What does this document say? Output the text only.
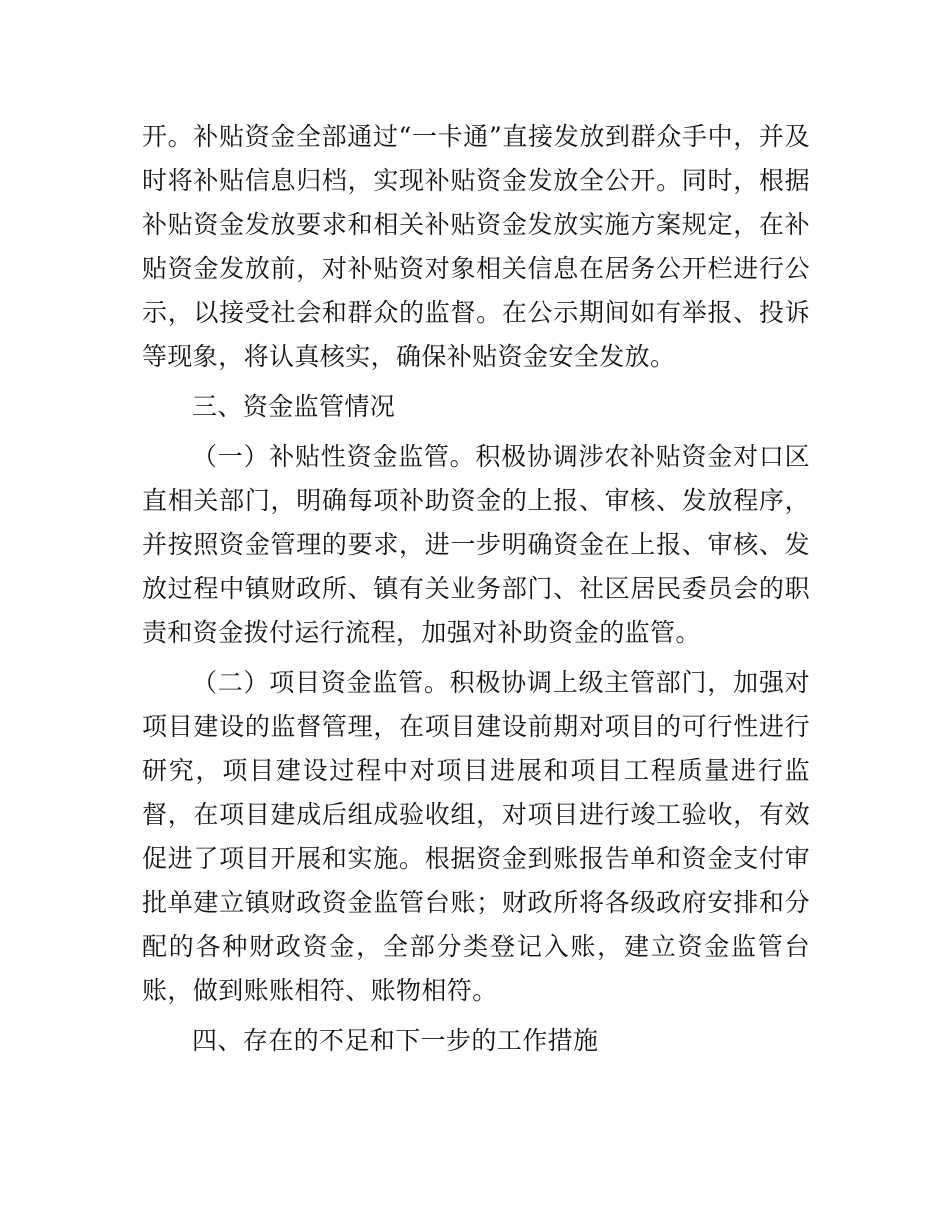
开。补贴资金全部通过“一卡通”直接发放到群众手中，并及时将补贴信息归档，实现补贴资金发放全公开。同时，根据补贴资金发放要求和相关补贴资金发放实施方案规定，在补贴资金发放前，对补贴资对象相关信息在居务公开栏进行公示，以接受社会和群众的监督。在公示期间如有举报、投诉等现象，将认真核实，确保补贴资金安全发放。

三、资金监管情况

（一）补贴性资金监管。积极协调涉农补贴资金对口区直相关部门，明确每项补助资金的上报、审核、发放程序，并按照资金管理的要求，进一步明确资金在上报、审核、发放过程中镇财政所、镇有关业务部门、社区居民委员会的职责和资金拨付运行流程，加强对补助资金的监管。

（二）项目资金监管。积极协调上级主管部门，加强对项目建设的监督管理，在项目建设前期对项目的可行性进行研究，项目建设过程中对项目进展和项目工程质量进行监督，在项目建成后组成验收组，对项目进行竣工验收，有效促进了项目开展和实施。根据资金到账报告单和资金支付审批单建立镇财政资金监管台账；财政所将各级政府安排和分配的各种财政资金，全部分类登记入账，建立资金监管台账，做到账账相符、账物相符。

四、存在的不足和下一步的工作措施
